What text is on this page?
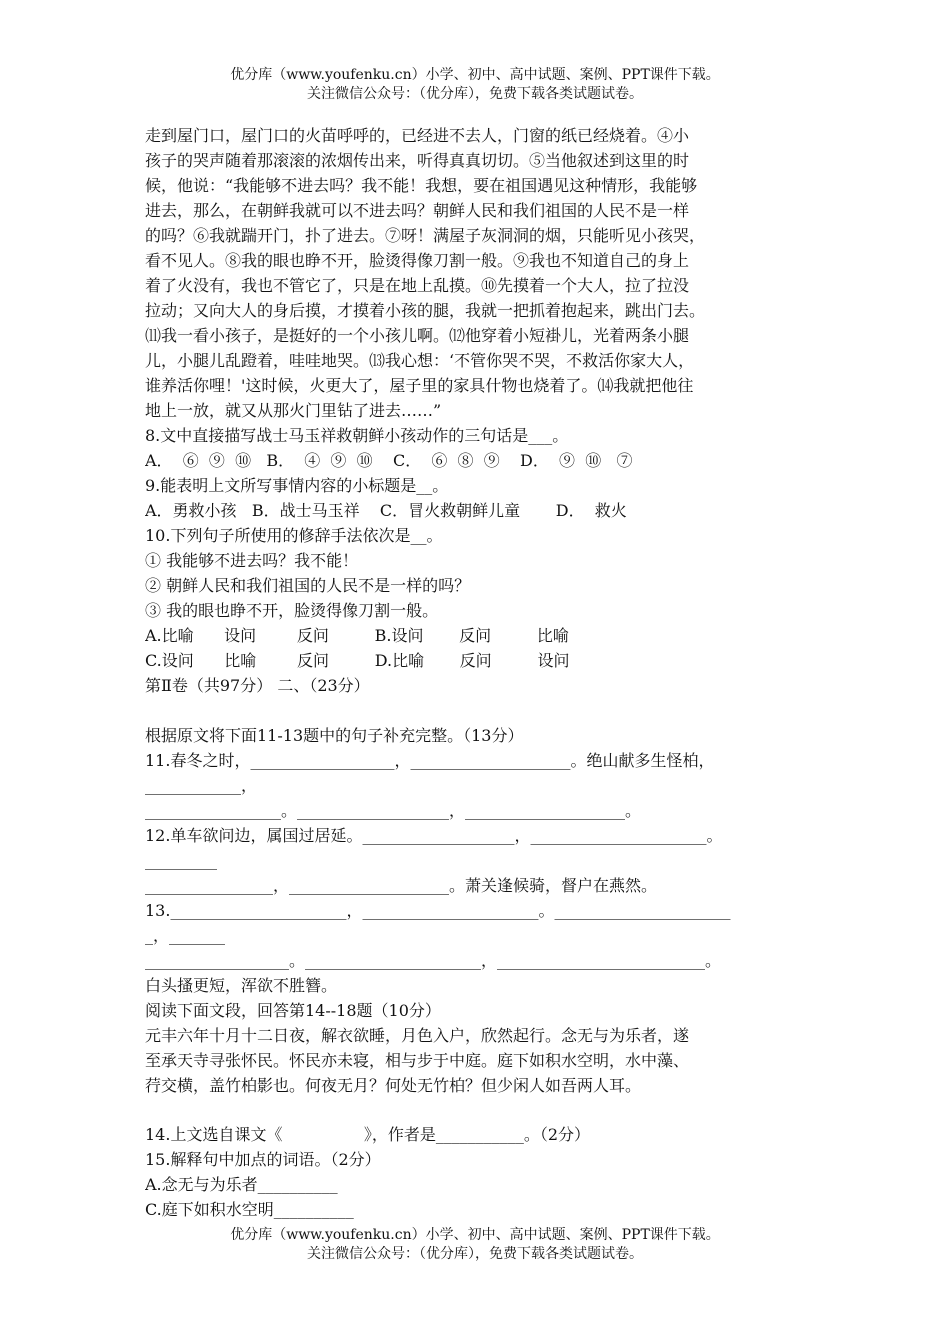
优分库（www.youfenku.cn）小学、初中、高中试题、案例、PPT课件下载。
关注微信公众号：（优分库），免费下载各类试题试卷。
走到屋门口，屋门口的火苗呼呼的，已经进不去人，门窗的纸已经烧着。④小
孩子的哭声随着那滚滚的浓烟传出来，听得真真切切。⑤当他叙述到这里的时
候，他说：“我能够不进去吗？我不能！我想，要在祖国遇见这种情形，我能够
进去，那么，在朝鲜我就可以不进去吗？朝鲜人民和我们祖国的人民不是一样
的吗？⑥我就踹开门，扑了进去。⑦呀！满屋子灰洞洞的烟，只能听见小孩哭，
看不见人。⑧我的眼也睁不开，脸烫得像刀割一般。⑨我也不知道自己的身上
着了火没有，我也不管它了，只是在地上乱摸。⑩先摸着一个大人，拉了拉没
拉动；又向大人的身后摸，才摸着小孩的腿，我就一把抓着抱起来，跳出门去。
⑾我一看小孩子，是挺好的一个小孩儿啊。⑿他穿着小短褂儿，光着两条小腿
儿，小腿儿乱蹬着，哇哇地哭。⒀我心想：‘不管你哭不哭，不救活你家大人，
谁养活你哩！'这时候，火更大了，屋子里的家具什物也烧着了。⒁我就把他往
地上一放，就又从那火门里钻了进去……”
8.文中直接描写战士马玉祥救朝鲜小孩动作的三句话是___。
A．  ⑥  ⑨  ⑩   B．  ④  ⑨  ⑩    C．  ⑥  ⑧  ⑨    D．  ⑨  ⑩   ⑦
9.能表明上文所写事情内容的小标题是__。
A．勇救小孩   B．战士马玉祥    C．冒火救朝鲜儿童       D．  救火
10.下列句子所使用的修辞手法依次是__。
① 我能够不进去吗？我不能！
② 朝鲜人民和我们祖国的人民不是一样的吗？
③ 我的眼也睁不开，脸烫得像刀割一般。
A.比喻      设问        反问         B.设问       反问         比喻
C.设问      比喻        反问         D.比喻       反问         设问
第Ⅱ卷（共97分） 二、（23分）
根据原文将下面11-13题中的句子补充完整。（13分）
11.春冬之时，__________________，____________________。绝山献多生怪柏，
____________，
_________________。___________________，____________________。
12.单车欲问边，属国过居延。___________________，______________________。
_________
________________，____________________。萧关逢候骑，督户在燕然。
13.______________________，______________________。______________________
_，_______
__________________。______________________，__________________________。
白头搔更短，浑欲不胜簪。
阅读下面文段，回答第14--18题（10分）
元丰六年十月十二日夜，解衣欲睡，月色入户，欣然起行。念无与为乐者，遂
至承天寺寻张怀民。怀民亦未寝，相与步于中庭。庭下如积水空明，水中藻、
荇交横，盖竹柏影也。何夜无月？何处无竹柏？但少闲人如吾两人耳。
14.上文选自课文《                》，作者是___________。（2分）
15.解释句中加点的词语。（2分）
A.念无与为乐者__________
C.庭下如积水空明__________
优分库（www.youfenku.cn）小学、初中、高中试题、案例、PPT课件下载。
关注微信公众号：（优分库），免费下载各类试题试卷。
